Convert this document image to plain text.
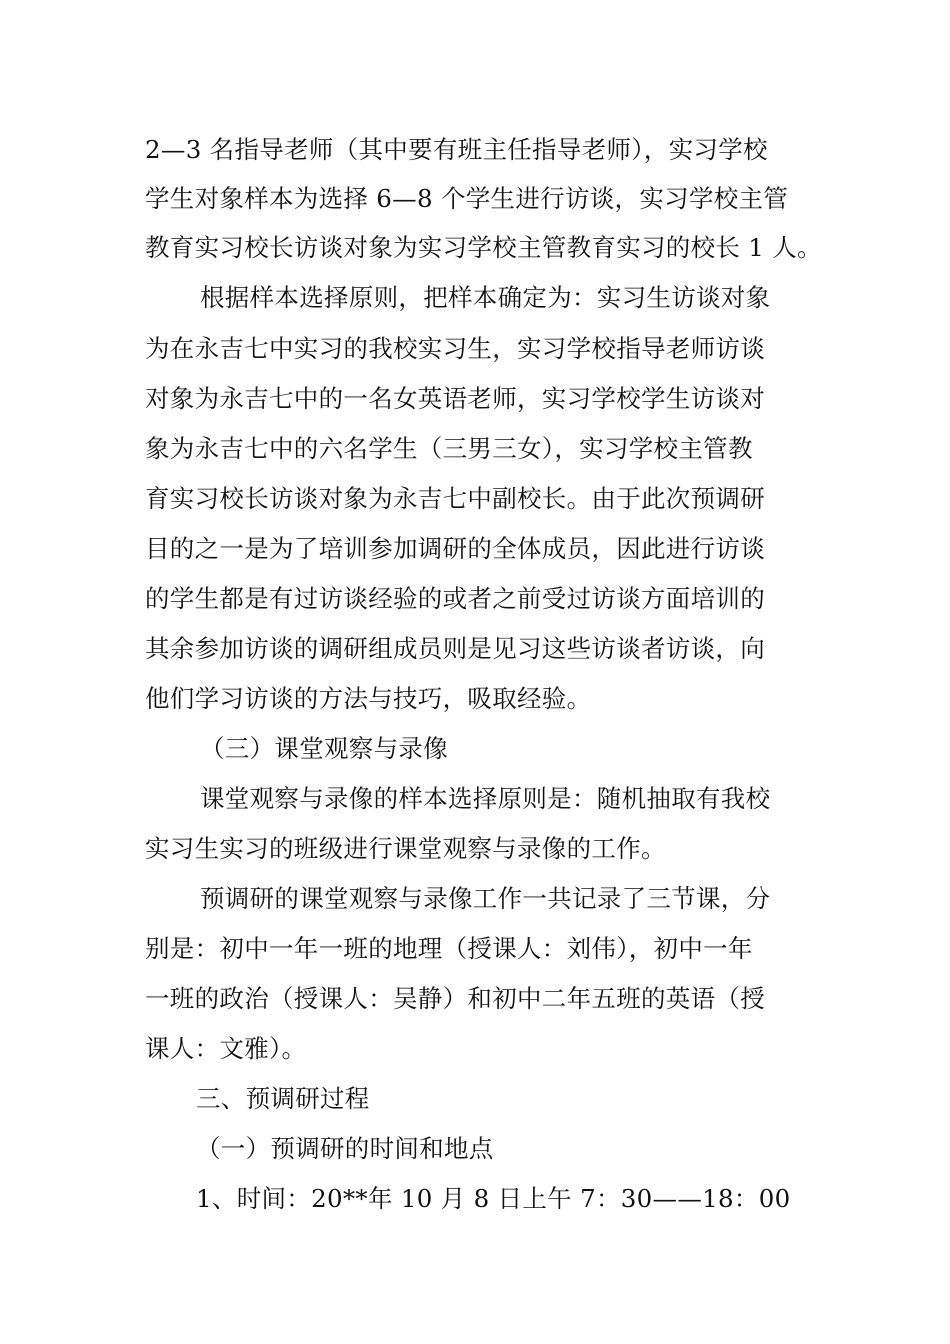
2—3 名指导老师（其中要有班主任指导老师），实习学校
学生对象样本为选择 6—8 个学生进行访谈，实习学校主管
教育实习校长访谈对象为实习学校主管教育实习的校长 1 人。
根据样本选择原则，把样本确定为：实习生访谈对象
为在永吉七中实习的我校实习生，实习学校指导老师访谈
对象为永吉七中的一名女英语老师，实习学校学生访谈对
象为永吉七中的六名学生（三男三女），实习学校主管教
育实习校长访谈对象为永吉七中副校长。由于此次预调研
目的之一是为了培训参加调研的全体成员，因此进行访谈
的学生都是有过访谈经验的或者之前受过访谈方面培训的
其余参加访谈的调研组成员则是见习这些访谈者访谈，向
他们学习访谈的方法与技巧，吸取经验。
（三）课堂观察与录像
课堂观察与录像的样本选择原则是：随机抽取有我校
实习生实习的班级进行课堂观察与录像的工作。
预调研的课堂观察与录像工作一共记录了三节课，分
别是：初中一年一班的地理（授课人：刘伟），初中一年
一班的政治（授课人：吴静）和初中二年五班的英语（授
课人：文雅）。
三、预调研过程
（一）预调研的时间和地点
1、时间：20**年 10 月 8 日上午 7：30——18：00
